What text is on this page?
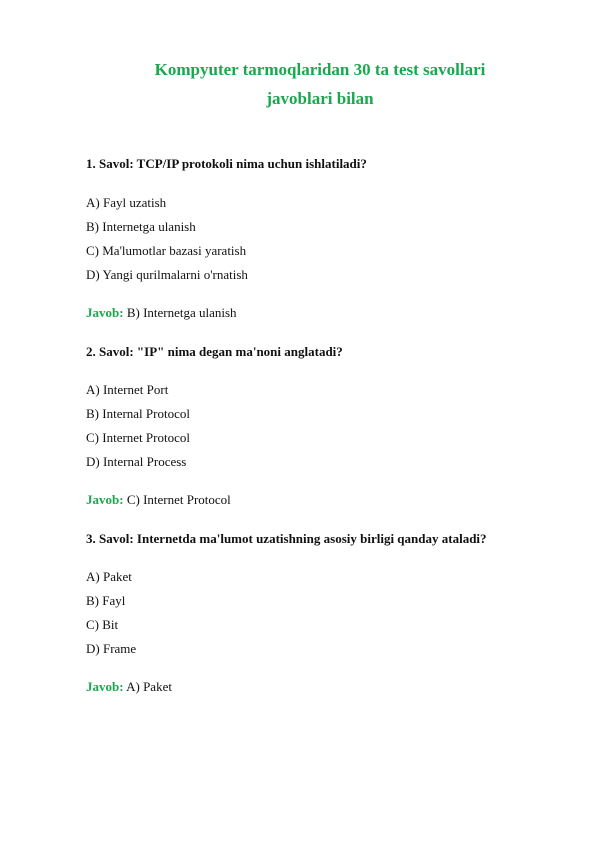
Kompyuter tarmoqlaridan 30 ta test savollari
javoblari bilan
1. Savol: TCP/IP protokoli nima uchun ishlatiladi?
A) Fayl uzatish
B) Internetga ulanish
C) Ma'lumotlar bazasi yaratish
D) Yangi qurilmalarni o'rnatish
Javob: B) Internetga ulanish
2. Savol: "IP" nima degan ma'noni anglatadi?
A) Internet Port
B) Internal Protocol
C) Internet Protocol
D) Internal Process
Javob: C) Internet Protocol
3. Savol: Internetda ma'lumot uzatishning asosiy birligi qanday ataladi?
A) Paket
B) Fayl
C) Bit
D) Frame
Javob: A) Paket
